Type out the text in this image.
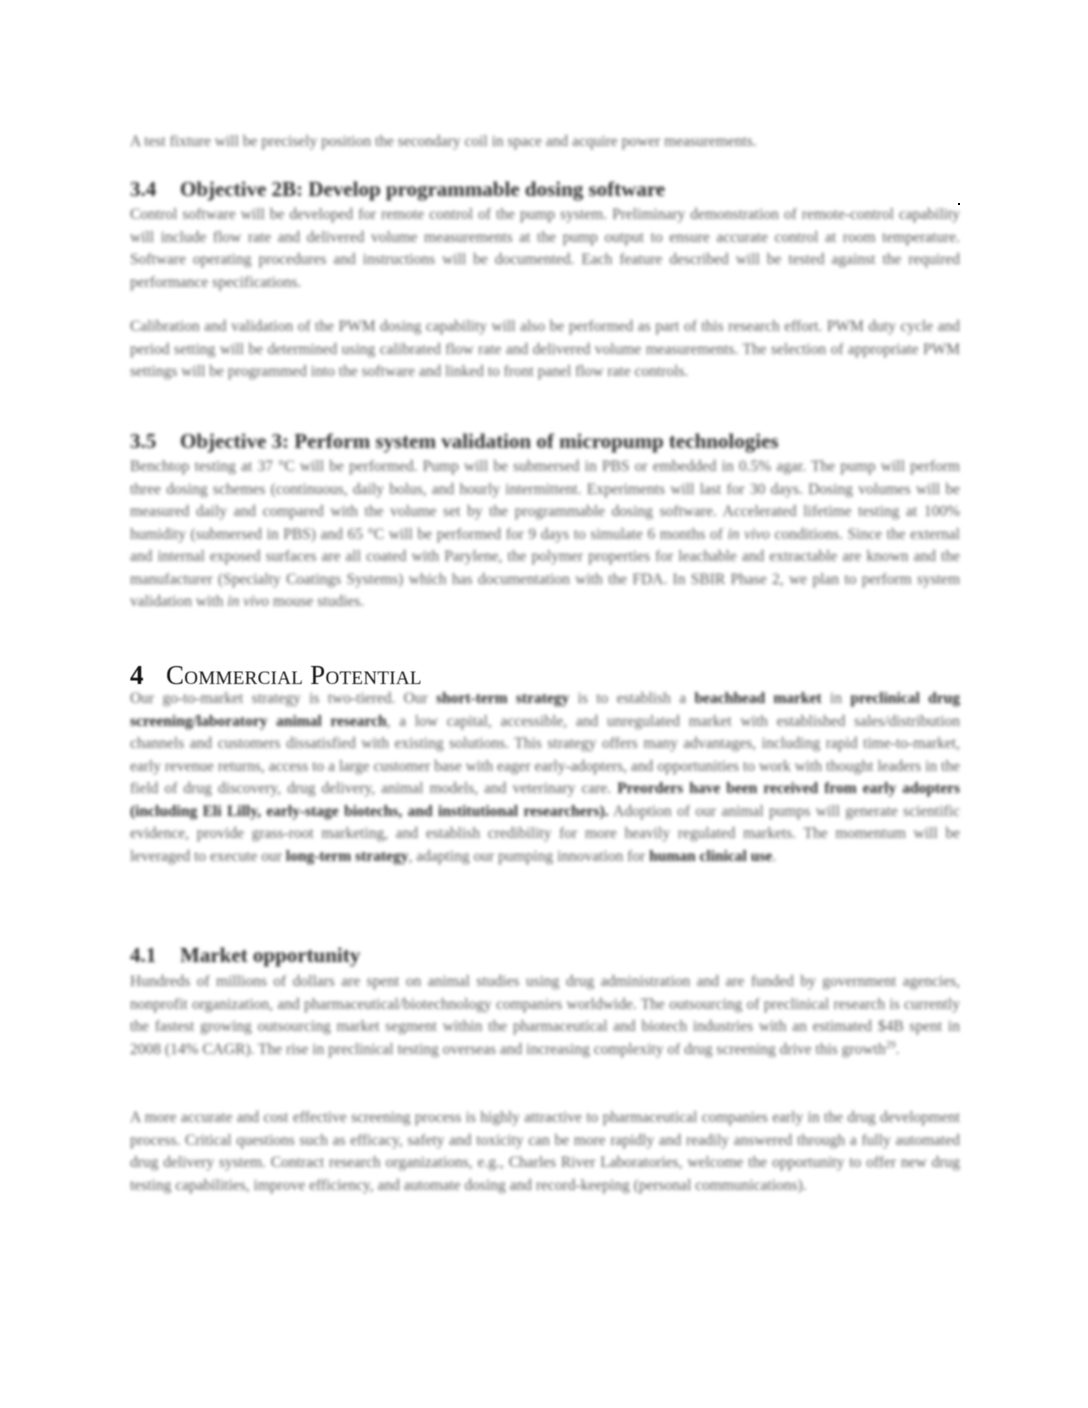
A test fixture will be precisely position the secondary coil in space and acquire power measurements.

3.4 Objective 2B: Develop programmable dosing software

Control software will be developed for remote control of the pump system. Preliminary demonstration of remote-control capability will include flow rate and delivered volume measurements at the pump output to ensure accurate control at room temperature. Software operating procedures and instructions will be documented. Each feature described will be tested against the required performance specifications.

Calibration and validation of the PWM dosing capability will also be performed as part of this research effort. PWM duty cycle and period setting will be determined using calibrated flow rate and delivered volume measurements. The selection of appropriate PWM settings will be programmed into the software and linked to front panel flow rate controls.

3.5 Objective 3: Perform system validation of micropump technologies

Benchtop testing at 37 °C will be performed. Pump will be submersed in PBS or embedded in 0.5% agar. The pump will perform three dosing schemes (continuous, daily bolus, and hourly intermittent. Experiments will last for 30 days. Dosing volumes will be measured daily and compared with the volume set by the programmable dosing software. Accelerated lifetime testing at 100% humidity (submersed in PBS) and 65 °C will be performed for 9 days to simulate 6 months of in vivo conditions. Since the external and internal exposed surfaces are all coated with Parylene, the polymer properties for leachable and extractable are known and the manufacturer (Specialty Coatings Systems) which has documentation with the FDA. In SBIR Phase 2, we plan to perform system validation with in vivo mouse studies.

4 Commercial Potential

Our go-to-market strategy is two-tiered. Our short-term strategy is to establish a beachhead market in preclinical drug screening/laboratory animal research, a low capital, accessible, and unregulated market with established sales/distribution channels and customers dissatisfied with existing solutions. This strategy offers many advantages, including rapid time-to-market, early revenue returns, access to a large customer base with eager early-adopters, and opportunities to work with thought leaders in the field of drug discovery, drug delivery, animal models, and veterinary care. Preorders have been received from early adopters (including Eli Lilly, early-stage biotechs, and institutional researchers). Adoption of our animal pumps will generate scientific evidence, provide grass-root marketing, and establish credibility for more heavily regulated markets. The momentum will be leveraged to execute our long-term strategy, adapting our pumping innovation for human clinical use.

4.1 Market opportunity

Hundreds of millions of dollars are spent on animal studies using drug administration and are funded by government agencies, nonprofit organization, and pharmaceutical/biotechnology companies worldwide. The outsourcing of preclinical research is currently the fastest growing outsourcing market segment within the pharmaceutical and biotech industries with an estimated $4B spent in 2008 (14% CAGR). The rise in preclinical testing overseas and increasing complexity of drug screening drive this growth$^{29}$.

A more accurate and cost effective screening process is highly attractive to pharmaceutical companies early in the drug development process. Critical questions such as efficacy, safety and toxicity can be more rapidly and readily answered through a fully automated drug delivery system. Contract research organizations, e.g., Charles River Laboratories, welcome the opportunity to offer new drug testing capabilities, improve efficiency, and automate dosing and record-keeping (personal communications).
